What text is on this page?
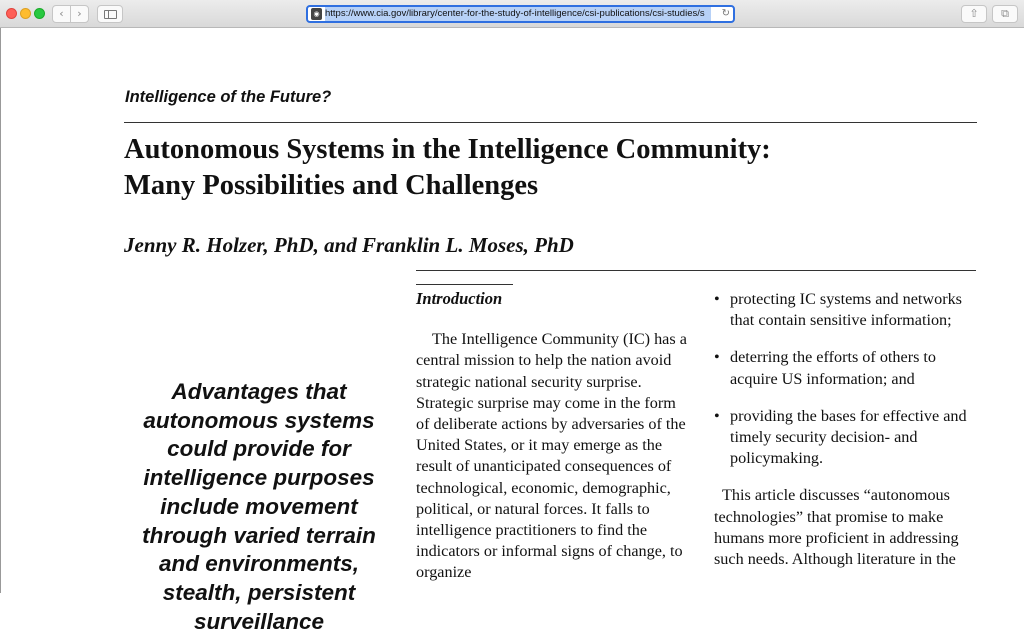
‹	›	◉ https://www.cia.gov/library/center-for-the-study-of-intelligence/csi-publications/csi-studies/s	↻	⇧	⧉
Intelligence of the Future?
Autonomous Systems in the Intelligence Community:
Many Possibilities and Challenges
Jenny R. Holzer, PhD, and Franklin L. Moses, PhD
Advantages that autonomous systems could provide for intelligence purposes include movement through varied terrain and environments, stealth, persistent surveillance
Introduction

The Intelligence Community (IC) has a central mission to help the nation avoid strategic national security surprise. Strategic surprise may come in the form of deliberate actions by adversaries of the United States, or it may emerge as the result of unanticipated consequences of technological, economic, demographic, political, or natural forces. It falls to intelligence practitioners to find the indicators or informal signs of change, to organize

• protecting IC systems and networks that contain sensitive information;
• deterring the efforts of others to acquire US information; and
• providing the bases for effective and timely security decision- and policymaking.

This article discusses “autonomous technologies” that promise to make humans more proficient in addressing such needs. Although literature in the
